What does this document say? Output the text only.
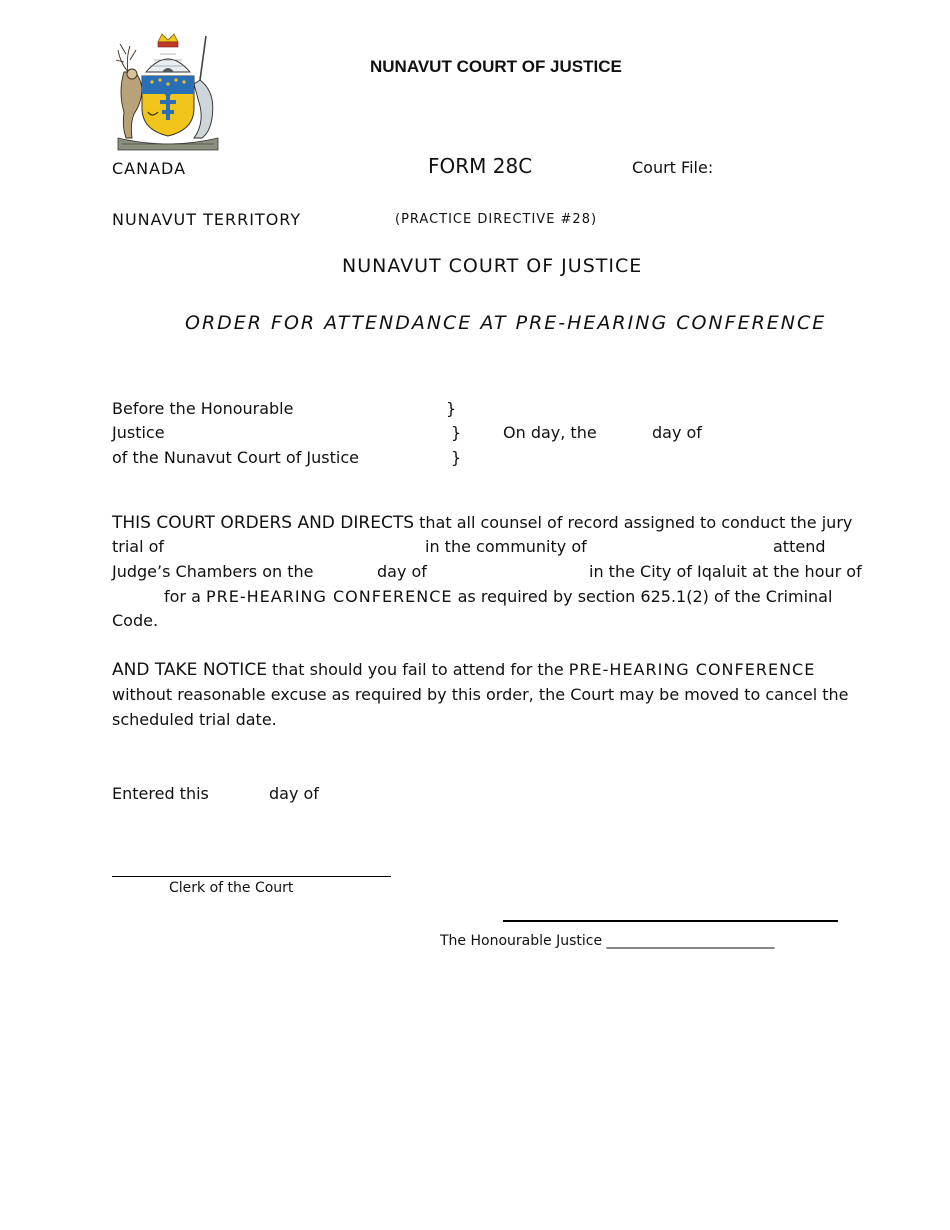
NUNAVUT COURT OF JUSTICE
CANADA	FORM 28C	Court File:
NUNAVUT TERRITORY	(PRACTICE DIRECTIVE #28)
NUNAVUT COURT OF JUSTICE
ORDER FOR ATTENDANCE AT PRE-HEARING CONFERENCE
Before the Honourable	}
Justice	}	On day, the	day of
of the Nunavut Court of Justice	}
THIS COURT ORDERS AND DIRECTS that all counsel of record assigned to conduct the jury
trial of	in the community of	attend
Judge’s Chambers on the	day of	in the City of Iqaluit at the hour of
for a PRE-HEARING CONFERENCE as required by section 625.1(2) of the Criminal
Code.
AND TAKE NOTICE that should you fail to attend for the PRE-HEARING CONFERENCE
without reasonable excuse as required by this order, the Court may be moved to cancel the
scheduled trial date.
Entered this	day of
Clerk of the Court
The Honourable Justice ________________________
